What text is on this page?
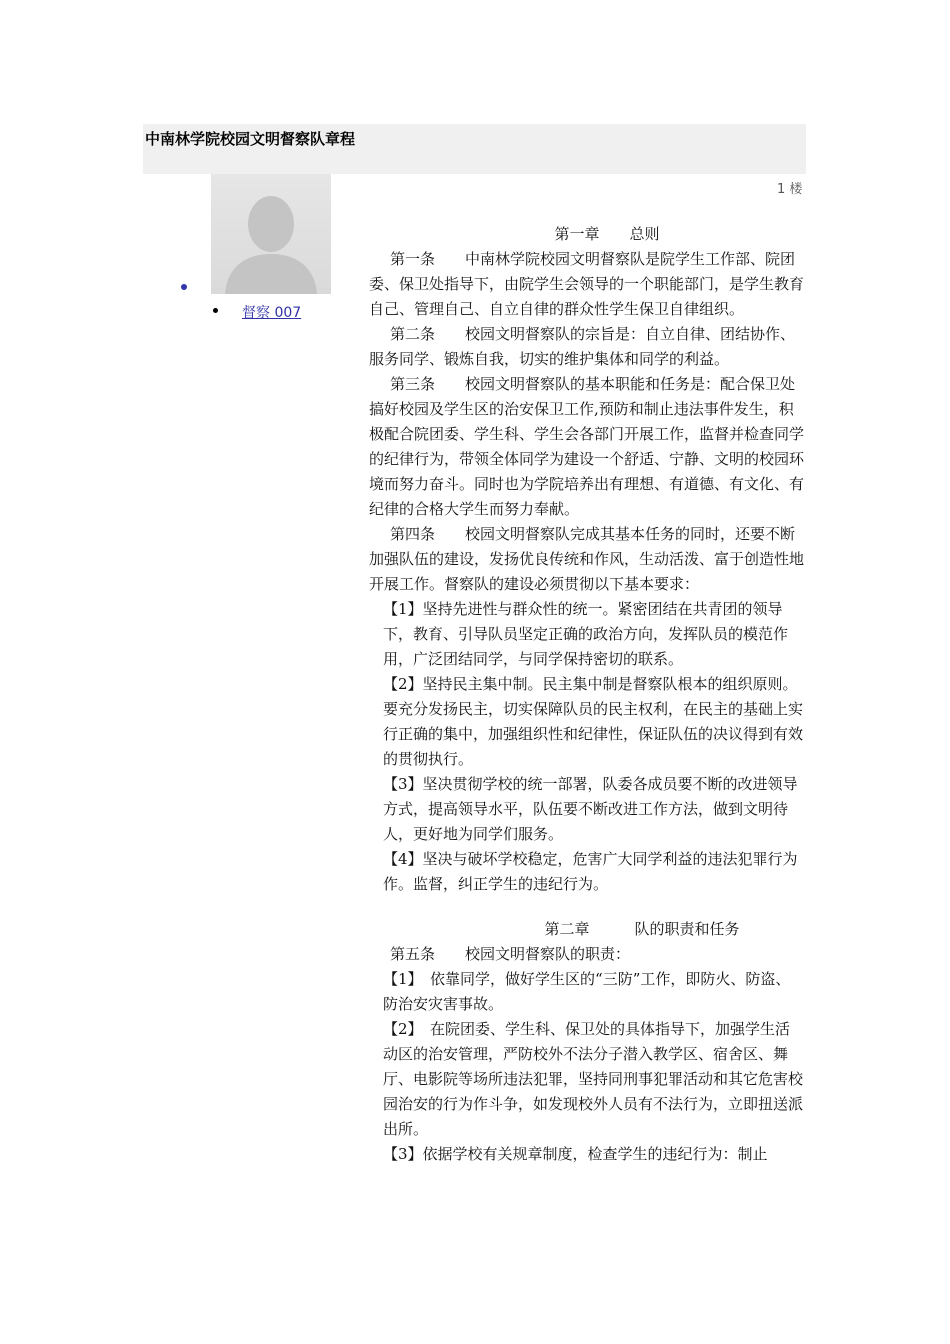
中南林学院校园文明督察队章程
1 楼
督察 007

第一章 总则

第一条　　中南林学院校园文明督察队是院学生工作部、院团委、保卫处指导下，由院学生会领导的一个职能部门，是学生教育自己、管理自己、自立自律的群众性学生保卫自律组织。

第二条　　校园文明督察队的宗旨是：自立自律、团结协作、服务同学、锻炼自我，切实的维护集体和同学的利益。

第三条　　校园文明督察队的基本职能和任务是：配合保卫处搞好校园及学生区的治安保卫工作,预防和制止违法事件发生，积极配合院团委、学生科、学生会各部门开展工作，监督并检查同学的纪律行为，带领全体同学为建设一个舒适、宁静、文明的校园环境而努力奋斗。同时也为学院培养出有理想、有道德、有文化、有纪律的合格大学生而努力奉献。

第四条　　校园文明督察队完成其基本任务的同时，还要不断加强队伍的建设，发扬优良传统和作风，生动活泼、富于创造性地开展工作。督察队的建设必须贯彻以下基本要求：

【1】坚持先进性与群众性的统一。紧密团结在共青团的领导下，教育、引导队员坚定正确的政治方向，发挥队员的模范作用，广泛团结同学，与同学保持密切的联系。

【2】坚持民主集中制。民主集中制是督察队根本的组织原则。要充分发扬民主，切实保障队员的民主权利，在民主的基础上实行正确的集中，加强组织性和纪律性，保证队伍的决议得到有效的贯彻执行。

【3】坚决贯彻学校的统一部署，队委各成员要不断的改进领导方式，提高领导水平，队伍要不断改进工作方法，做到文明待人，更好地为同学们服务。

【4】坚决与破坏学校稳定，危害广大同学利益的违法犯罪行为作。监督，纠正学生的违纪行为。

第二章	队的职责和任务

第五条　　校园文明督察队的职责：

【1】　依靠同学，做好学生区的“三防”工作，即防火、防盗、防治安灾害事故。

【2】　在院团委、学生科、保卫处的具体指导下，加强学生活动区的治安管理，严防校外不法分子潜入教学区、宿舍区、舞厅、电影院等场所违法犯罪，坚持同刑事犯罪活动和其它危害校园治安的行为作斗争，如发现校外人员有不法行为，立即扭送派出所。

【3】依据学校有关规章制度，检查学生的违纪行为：制止
